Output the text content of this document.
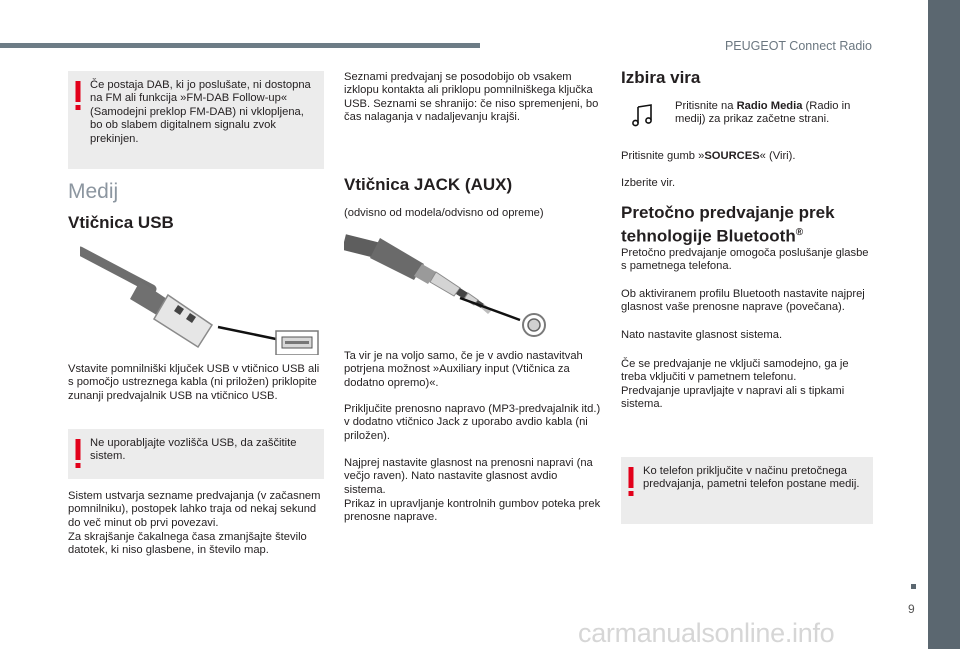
PEUGEOT Connect Radio
9
carmanualsonline.info

Če postaja DAB, ki jo poslušate, ni dostopna na FM ali funkcija »FM-DAB Follow-up« (Samodejni preklop FM-DAB) ni vklopljena, bo ob slabem digitalnem signalu zvok prekinjen.

Medij
Vtičnica USB

Vstavite pomnilniški ključek USB v vtičnico USB ali s pomočjo ustreznega kabla (ni priložen) priklopite zunanji predvajalnik USB na vtičnico USB.

Ne uporabljajte vozlišča USB, da zaščitite sistem.

Sistem ustvarja sezname predvajanja (v začasnem pomnilniku), postopek lahko traja od nekaj sekund do več minut ob prvi povezavi.

Za skrajšanje čakalnega časa zmanjšajte število datotek, ki niso glasbene, in število map.

Seznami predvajanj se posodobijo ob vsakem izklopu kontakta ali priklopu pomnilniškega ključka USB. Seznami se shranijo: če niso spremenjeni, bo čas nalaganja v nadaljevanju krajši.

Vtičnica JACK (AUX)

(odvisno od modela/odvisno od opreme)

Ta vir je na voljo samo, če je v avdio nastavitvah potrjena možnost »Auxiliary input (Vtičnica za dodatno opremo)«.

Priključite prenosno napravo (MP3-predvajalnik itd.) v dodatno vtičnico Jack z uporabo avdio kabla (ni priložen).

Najprej nastavite glasnost na prenosni napravi (na večjo raven). Nato nastavite glasnost avdio sistema.

Prikaz in upravljanje kontrolnih gumbov poteka prek prenosne naprave.

Izbira vira

Pritisnite na Radio Media (Radio in medij) za prikaz začetne strani.

Pritisnite gumb »SOURCES« (Viri).

Izberite vir.

Pretočno predvajanje prek
tehnologije Bluetooth®

Pretočno predvajanje omogoča poslušanje glasbe s pametnega telefona.

Ob aktiviranem profilu Bluetooth nastavite najprej glasnost vaše prenosne naprave (povečana).

Nato nastavite glasnost sistema.

Če se predvajanje ne vključi samodejno, ga je treba vključiti v pametnem telefonu.

Predvajanje upravljajte v napravi ali s tipkami sistema.

Ko telefon priključite v načinu pretočnega predvajanja, pametni telefon postane medij.
